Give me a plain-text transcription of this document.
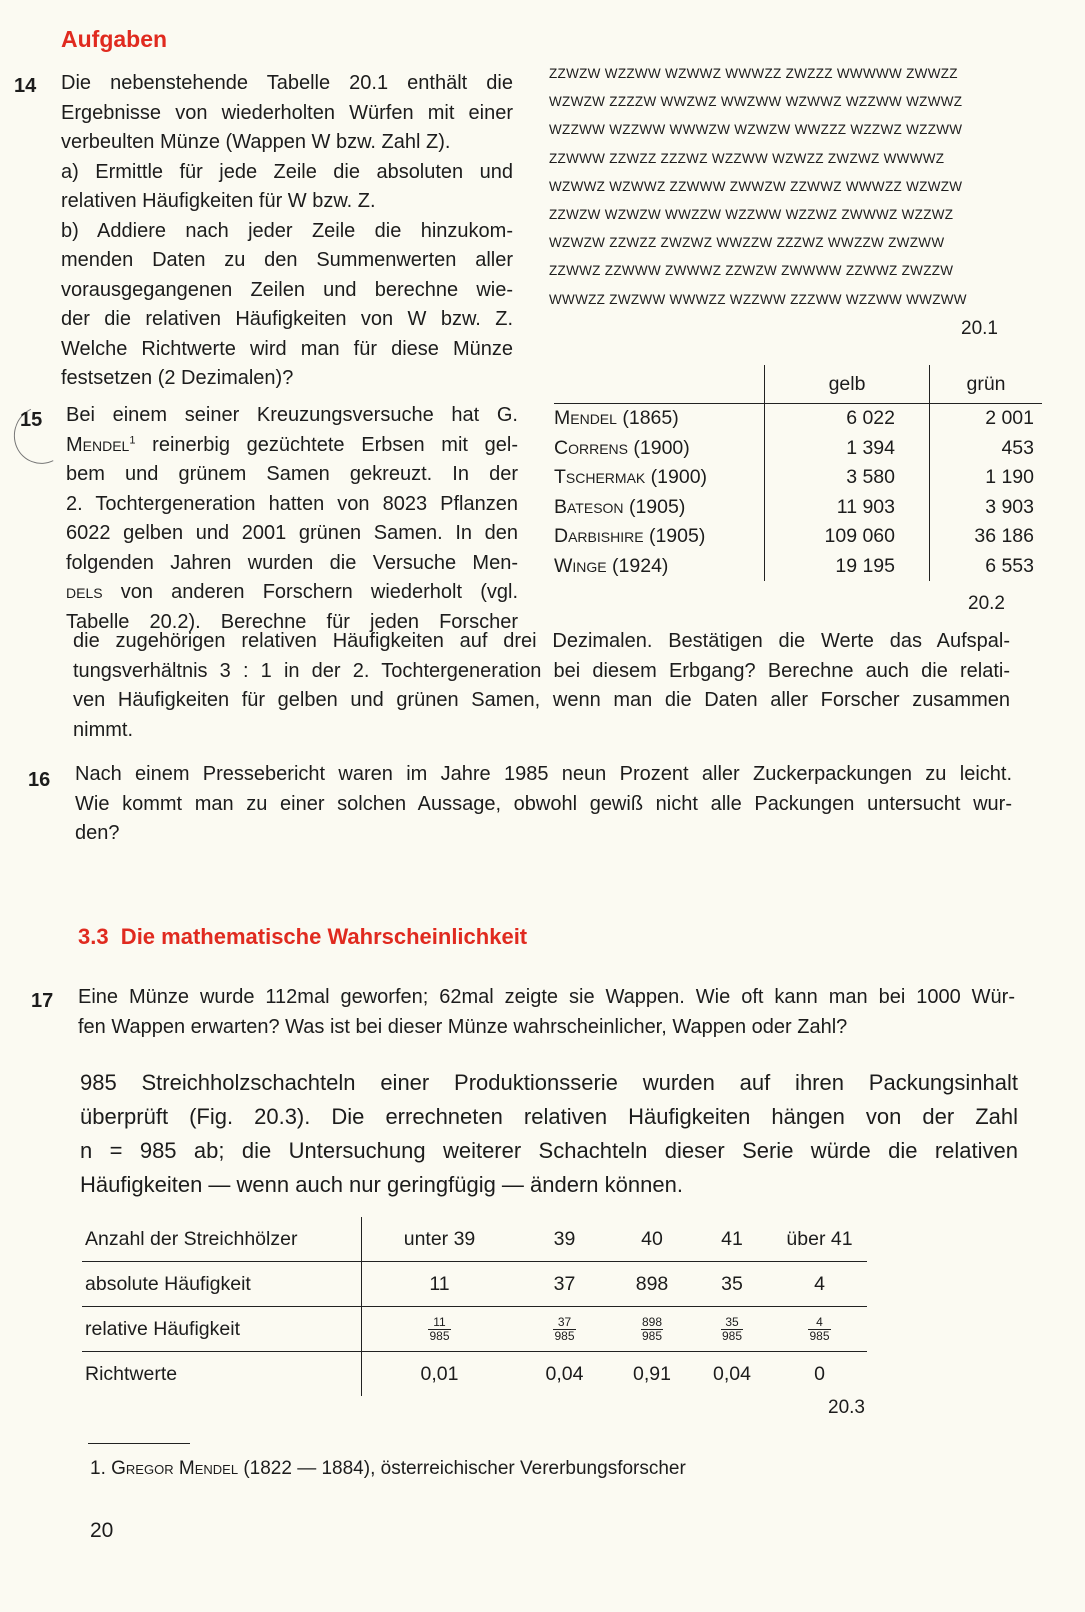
Aufgaben
14 Die nebenstehende Tabelle 20.1 enthält die
Ergebnisse von wiederholten Würfen mit einer
verbeulten Münze (Wappen W bzw. Zahl Z).
a) Ermittle für jede Zeile die absoluten und
relativen Häufigkeiten für W bzw. Z.
b) Addiere nach jeder Zeile die hinzukom-
menden Daten zu den Summenwerten aller
vorausgegangenen Zeilen und berechne wie-
der die relativen Häufigkeiten von W bzw. Z.
Welche Richtwerte wird man für diese Münze
festsetzen (2 Dezimalen)?
ZZWZW WZZWW WZWWZ WWWZZ ZWZZZ WWWWW ZWWZZ
WZWZW ZZZZW WWZWZ WWZWW WZWWZ WZZWW WZWWZ
WZZWW WZZWW WWWZW WZWZW WWZZZ WZZWZ WZZWW
ZZWWW ZZWZZ ZZZWZ WZZWW WZWZZ ZWZWZ WWWWZ
WZWWZ WZWWZ ZZWWW ZWWZW ZZWWZ WWWZZ WZWZW
ZZWZW WZWZW WWZZW WZZWW WZZWZ ZWWWZ WZZWZ
WZWZW ZZWZZ ZWZWZ WWZZW ZZZWZ WWZZW ZWZWW
ZZWWZ ZZWWW ZWWWZ ZZWZW ZWWWW ZZWWZ ZWZZW
WWWZZ ZWZWW WWWZZ WZZWW ZZZWW WZZWW WWZWW
20.1
15 Bei einem seiner Kreuzungsversuche hat G.
Mendel$^1$ reinerbig gezüchtete Erbsen mit gel-
bem und grünem Samen gekreuzt. In der
2. Tochtergeneration hatten von 8023 Pflanzen
6022 gelben und 2001 grünen Samen. In den
folgenden Jahren wurden die Versuche Men-
dels von anderen Forschern wiederholt (vgl.
Tabelle 20.2). Berechne für jeden Forscher
die zugehörigen relativen Häufigkeiten auf drei Dezimalen. Bestätigen die Werte das Aufspal-
tungsverhältnis 3 : 1 in der 2. Tochtergeneration bei diesem Erbgang? Berechne auch die relati-
ven Häufigkeiten für gelben und grünen Samen, wenn man die Daten aller Forscher zusammen
nimmt.
	gelb	grün
Mendel (1865)	6 022	2 001
Correns (1900)	1 394	453
Tschermak (1900)	3 580	1 190
Bateson (1905)	11 903	3 903
Darbishire (1905)	109 060	36 186
Winge (1924)	19 195	6 553
20.2
16 Nach einem Pressebericht waren im Jahre 1985 neun Prozent aller Zuckerpackungen zu leicht.
Wie kommt man zu einer solchen Aussage, obwohl gewiß nicht alle Packungen untersucht wur-
den?
3.3  Die mathematische Wahrscheinlichkeit
17 Eine Münze wurde 112mal geworfen; 62mal zeigte sie Wappen. Wie oft kann man bei 1000 Wür-
fen Wappen erwarten? Was ist bei dieser Münze wahrscheinlicher, Wappen oder Zahl?
985 Streichholzschachteln einer Produktionsserie wurden auf ihren Packungsinhalt
überprüft (Fig. 20.3). Die errechneten relativen Häufigkeiten hängen von der Zahl
n = 985 ab; die Untersuchung weiterer Schachteln dieser Serie würde die relativen
Häufigkeiten — wenn auch nur geringfügig — ändern können.
Anzahl der Streichhölzer	unter 39	39	40	41	über 41
absolute Häufigkeit	11	37	898	35	4
relative Häufigkeit	$\frac{11}{985}$	$\frac{37}{985}$	$\frac{898}{985}$	$\frac{35}{985}$	$\frac{4}{985}$

Richtwerte	0,01	0,04	0,91	0,04	0
20.3
1. Gregor Mendel (1822 — 1884), österreichischer Vererbungsforscher
20
